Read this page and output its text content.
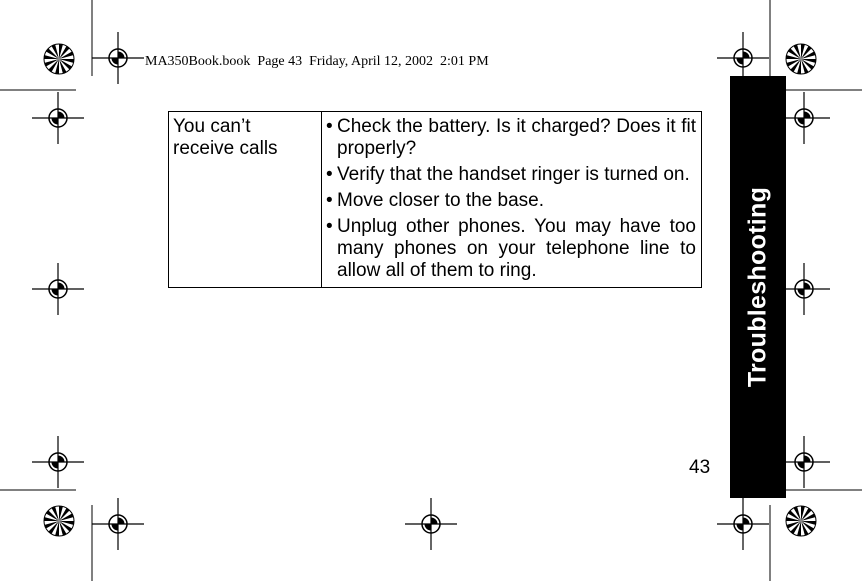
MA350Book.book Page 43 Friday, April 12, 2002 2:01 PM
Troubleshooting
You can’t receive calls	
• Check the battery. Is it charged? Does it fit properly?
• Verify that the handset ringer is turned on.
• Move closer to the base.
• Unplug other phones. You may have too many phones on your telephone line to allow all of them to ring.
43
